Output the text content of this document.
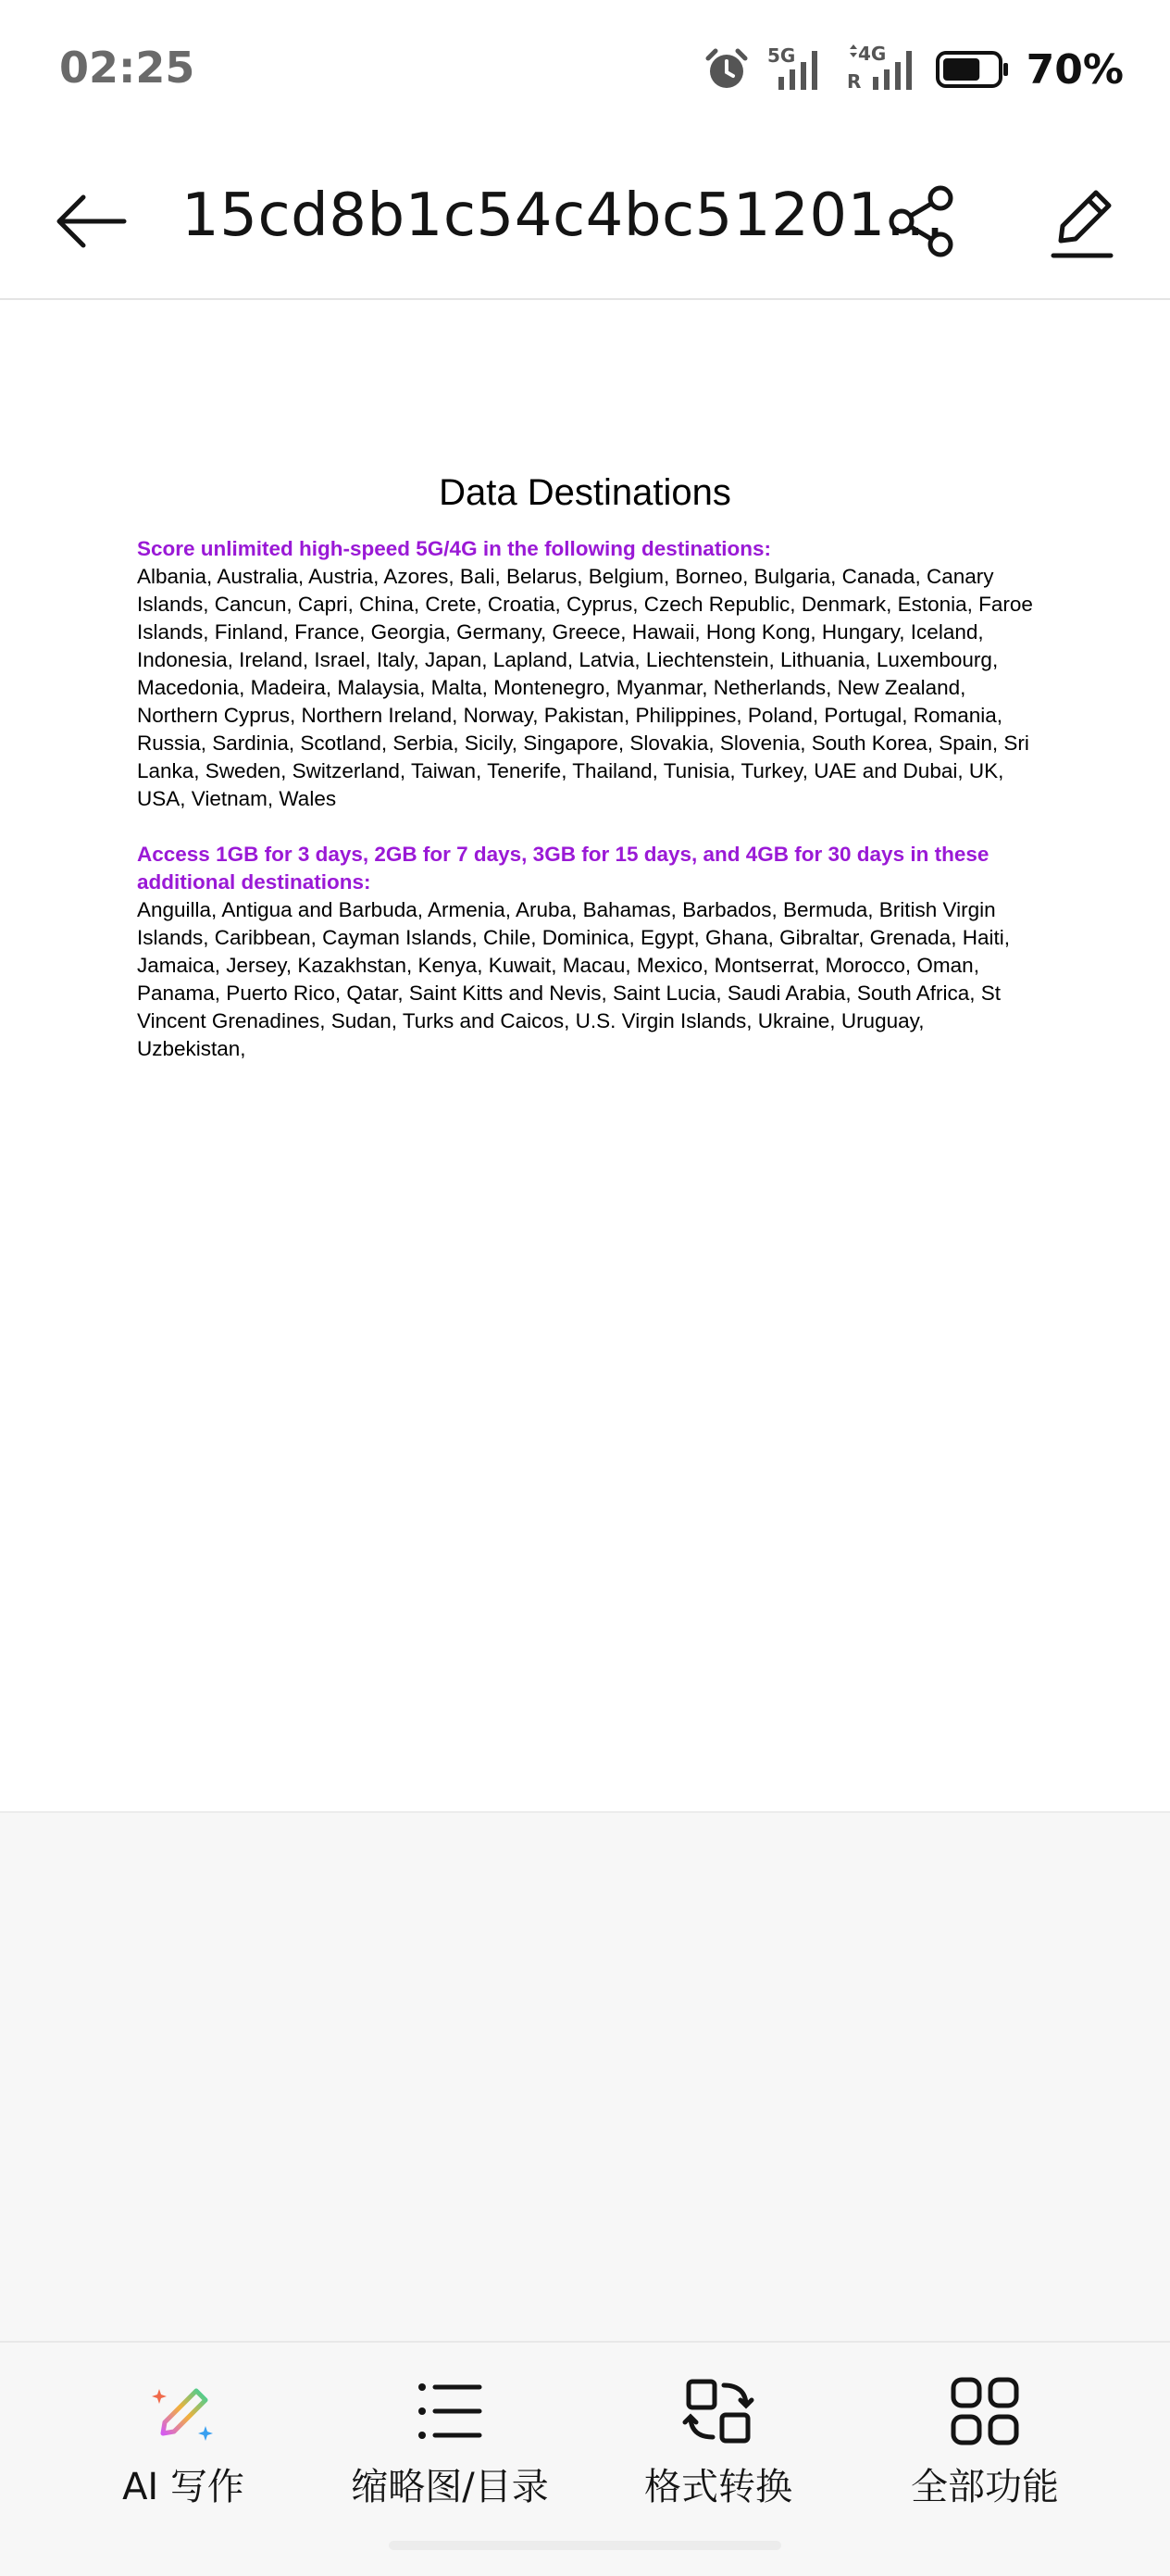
02:25	5G	4G
R	70%
15cd8b1c54c4bc51201…
Data Destinations
Score unlimited high-speed 5G/4G in the following destinations:
Albania, Australia, Austria, Azores, Bali, Belarus, Belgium, Borneo, Bulgaria, Canada, Canary Islands, Cancun, Capri, China, Crete, Croatia, Cyprus, Czech Republic, Denmark, Estonia, Faroe Islands, Finland, France, Georgia, Germany, Greece, Hawaii, Hong Kong, Hungary, Iceland, Indonesia, Ireland, Israel, Italy, Japan, Lapland, Latvia, Liechtenstein, Lithuania, Luxembourg, Macedonia, Madeira, Malaysia, Malta, Montenegro, Myanmar, Netherlands, New Zealand, Northern Cyprus, Northern Ireland, Norway, Pakistan, Philippines, Poland, Portugal, Romania, Russia, Sardinia, Scotland, Serbia, Sicily, Singapore, Slovakia, Slovenia, South Korea, Spain, Sri Lanka, Sweden, Switzerland, Taiwan, Tenerife, Thailand, Tunisia, Turkey, UAE and Dubai, UK, USA, Vietnam, Wales
Access 1GB for 3 days, 2GB for 7 days, 3GB for 15 days, and 4GB for 30 days in these additional destinations:
Anguilla, Antigua and Barbuda, Armenia, Aruba, Bahamas, Barbados, Bermuda, British Virgin Islands, Caribbean, Cayman Islands, Chile, Dominica, Egypt, Ghana, Gibraltar, Grenada, Haiti, Jamaica, Jersey, Kazakhstan, Kenya, Kuwait, Macau, Mexico, Montserrat, Morocco, Oman, Panama, Puerto Rico, Qatar, Saint Kitts and Nevis, Saint Lucia, Saudi Arabia, South Africa, St Vincent Grenadines, Sudan, Turks and Caicos, U.S. Virgin Islands, Ukraine, Uruguay, Uzbekistan,
AI 写作	缩略图/目录	格式转换	全部功能
